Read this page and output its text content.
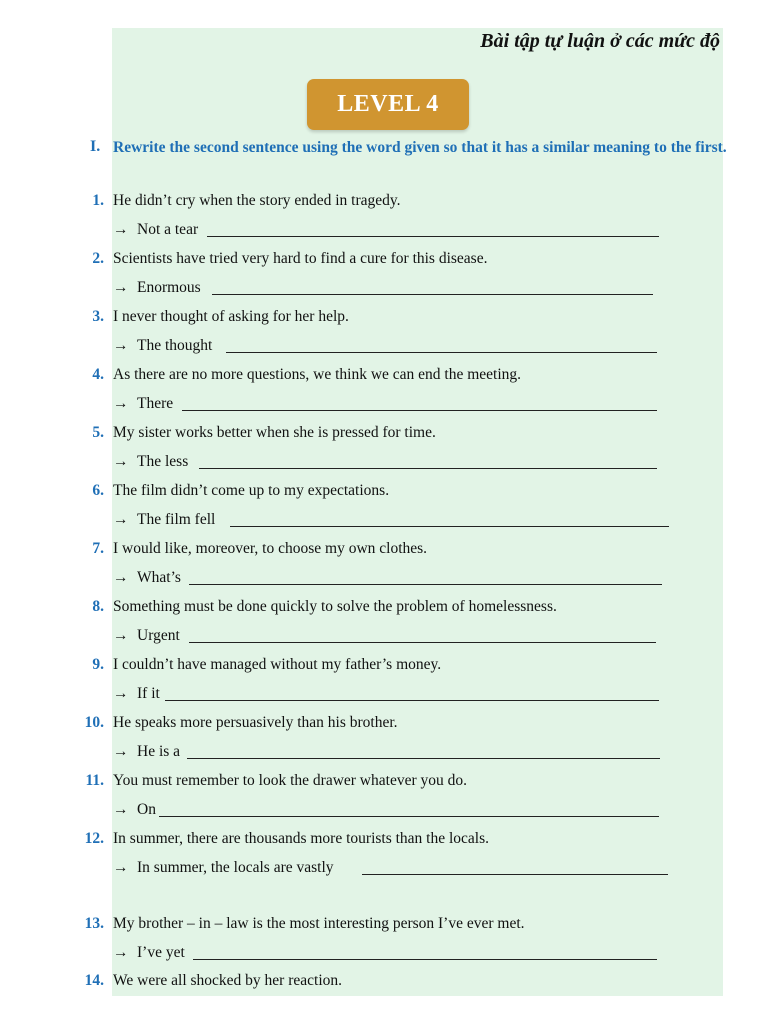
Bài tập tự luận ở các mức độ
LEVEL 4
I. Rewrite the second sentence using the word given so that it has a similar meaning to the first.
1. He didn’t cry when the story ended in tragedy.
→ Not a tear
2. Scientists have tried very hard to find a cure for this disease.
→ Enormous
3. I never thought of asking for her help.
→ The thought
4. As there are no more questions, we think we can end the meeting.
→ There
5. My sister works better when she is pressed for time.
→ The less
6. The film didn’t come up to my expectations.
→ The film fell
7. I would like, moreover, to choose my own clothes.
→ What’s
8. Something must be done quickly to solve the problem of homelessness.
→ Urgent
9. I couldn’t have managed without my father’s money.
→ If it
10. He speaks more persuasively than his brother.
→ He is a
11. You must remember to look the drawer whatever you do.
→ On
12. In summer, there are thousands more tourists than the locals.
→ In summer, the locals are vastly
13. My brother – in – law is the most interesting person I’ve ever met.
→ I’ve yet
14. We were all shocked by her reaction.
